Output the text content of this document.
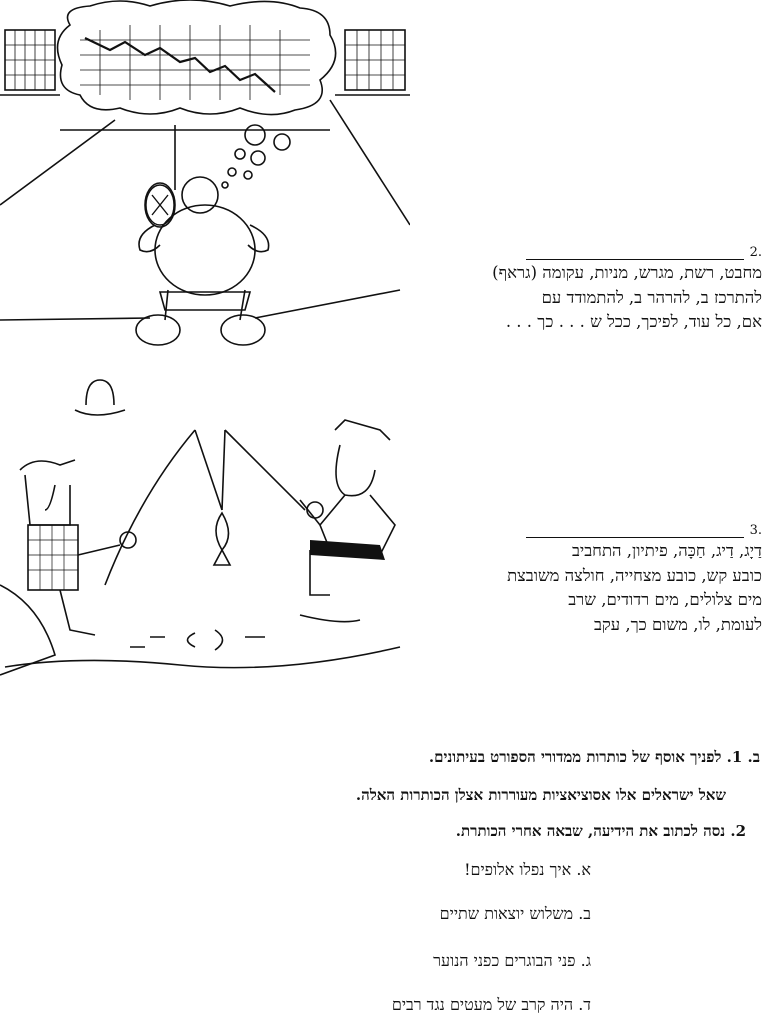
.2
מחבט, רשת, מגרש, מניות, עקומה (גראף)
להתרכז ב, להרהר ב, להתמודד עם
אם, כל עוד, לפיכך, ככל ש . . . כך . . .
.3
דַיָג, דַיג, חַכָּה, פיתיון, התחביב
כובע קש, כובע מצחייה, חולצה משובצת
מים צלולים, מים רדודים, שרב
לעומת, לו, משום כך, עקב
ב. 1. לפניך אוסף של כותרות ממדורי הספורט בעיתונים.
שאל ישראלים אלו אסוציאציות מעוררות אצלן הכותרות האלה.
2. נסה לכתוב את הידיעה, שבאה אחרי הכותרת.
א. איך נפלו אלופים!
ב. משלוש יוצאות שתיים
ג. פני הבוגרים כפני הנוער
ד. היה קרב של מעטים נגד רבים
